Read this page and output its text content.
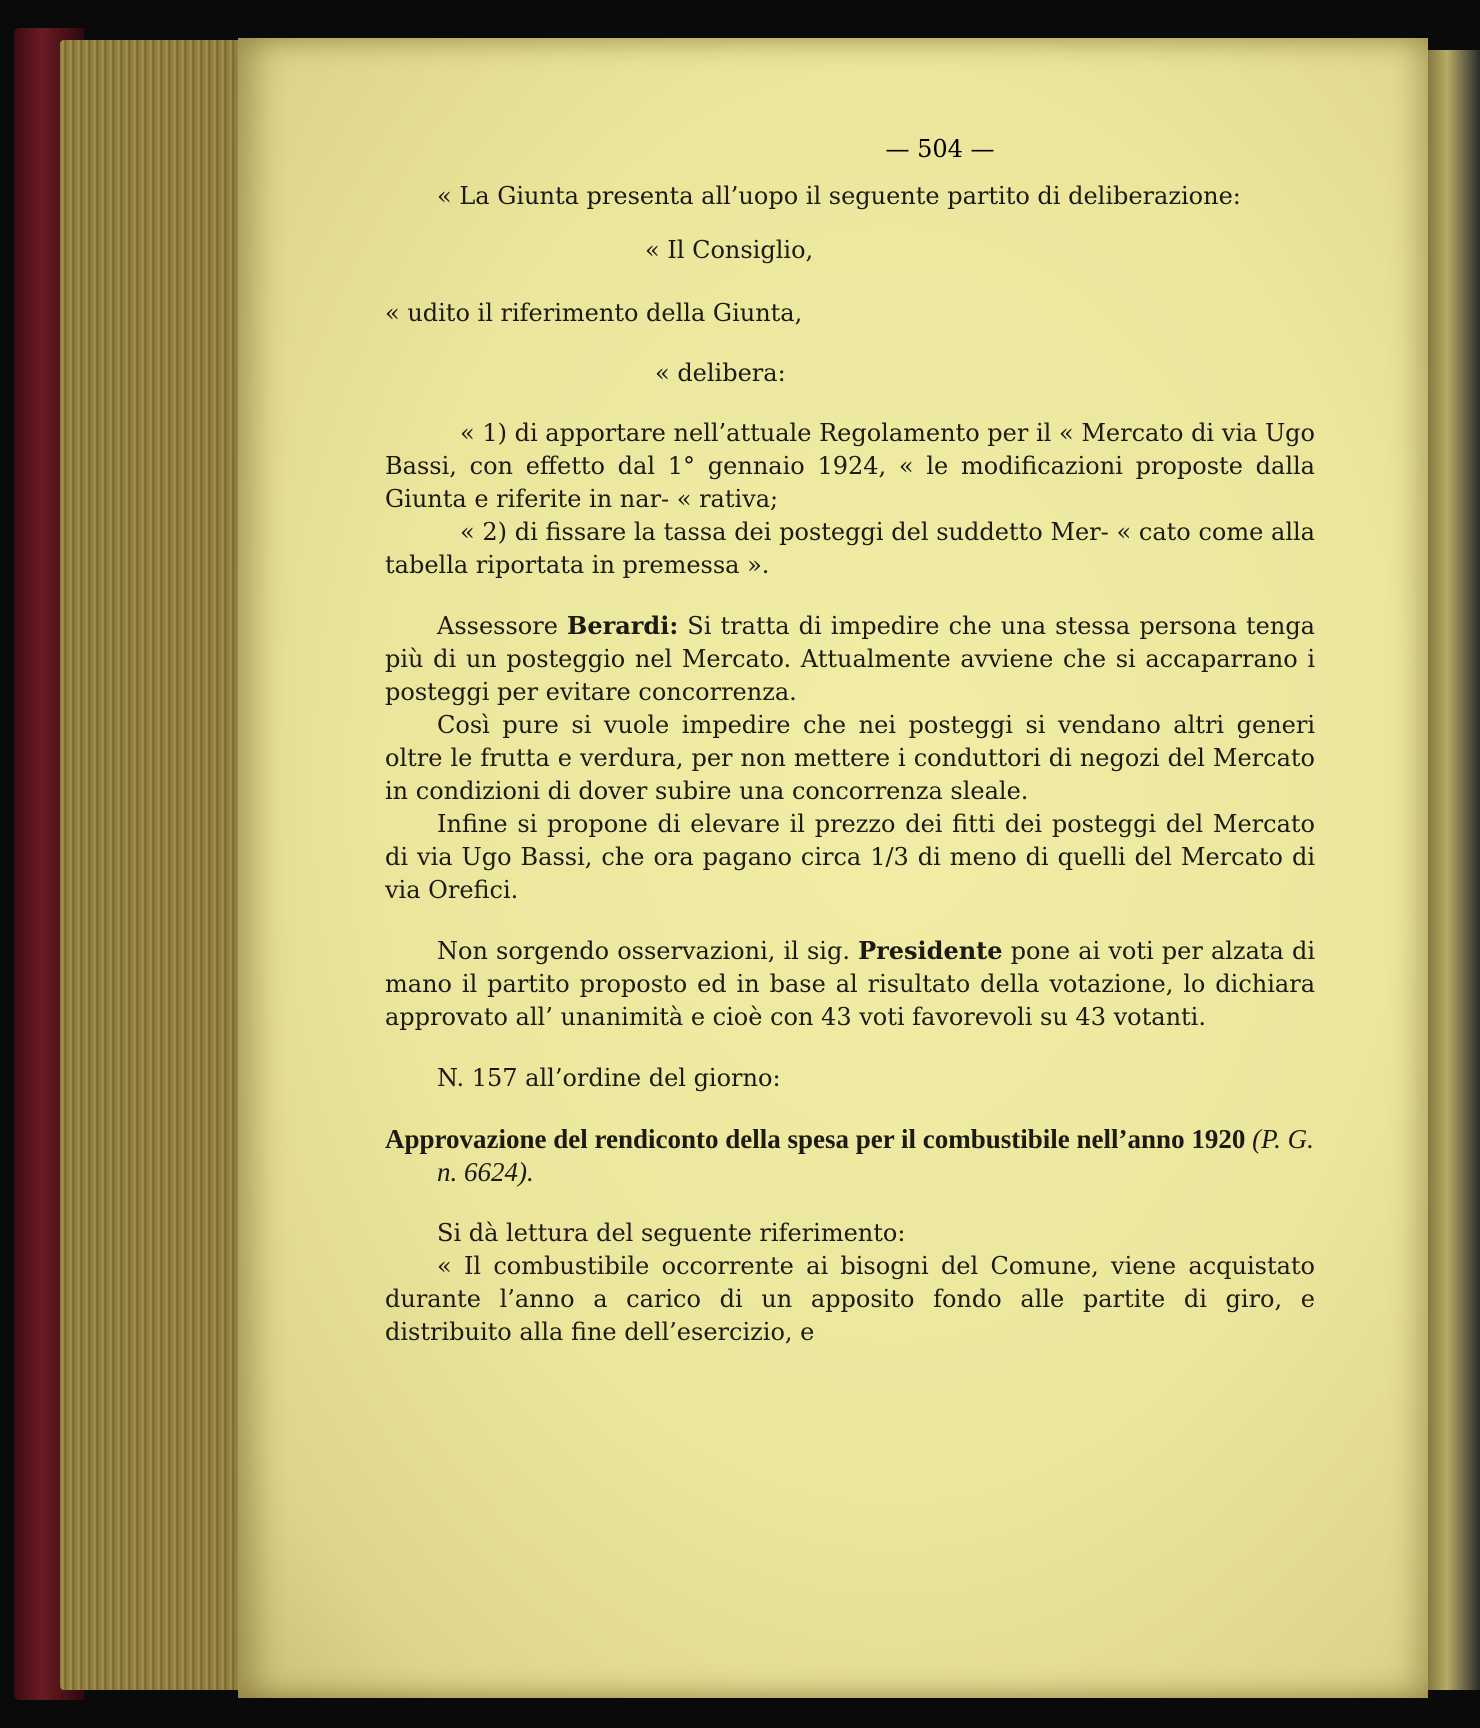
— 504 —

« La Giunta presenta all’uopo il seguente partito di deliberazione:

« Il Consiglio,

« udito il riferimento della Giunta,

« delibera:

« 1) di apportare nell’attuale Regolamento per il « Mercato di via Ugo Bassi, con effetto dal 1° gennaio 1924, « le modificazioni proposte dalla Giunta e riferite in nar- « rativa;

« 2) di fissare la tassa dei posteggi del suddetto Mer- « cato come alla tabella riportata in premessa ».

Assessore Berardi: Si tratta di impedire che una stessa persona tenga più di un posteggio nel Mercato. Attualmente avviene che si accaparrano i posteggi per evitare concorrenza.

Così pure si vuole impedire che nei posteggi si vendano altri generi oltre le frutta e verdura, per non mettere i conduttori di negozi del Mercato in condizioni di dover subire una concorrenza sleale.

Infine si propone di elevare il prezzo dei fitti dei posteggi del Mercato di via Ugo Bassi, che ora pagano circa 1/3 di meno di quelli del Mercato di via Orefici.

Non sorgendo osservazioni, il sig. Presidente pone ai voti per alzata di mano il partito proposto ed in base al risultato della votazione, lo dichiara approvato all’ unanimità e cioè con 43 voti favorevoli su 43 votanti.

N. 157 all’ordine del giorno:

Approvazione del rendiconto della spesa per il combustibile nell’anno 1920 (P. G. n. 6624).

Si dà lettura del seguente riferimento:

« Il combustibile occorrente ai bisogni del Comune, viene acquistato durante l’anno a carico di un apposito fondo alle partite di giro, e distribuito alla fine dell’esercizio, e
